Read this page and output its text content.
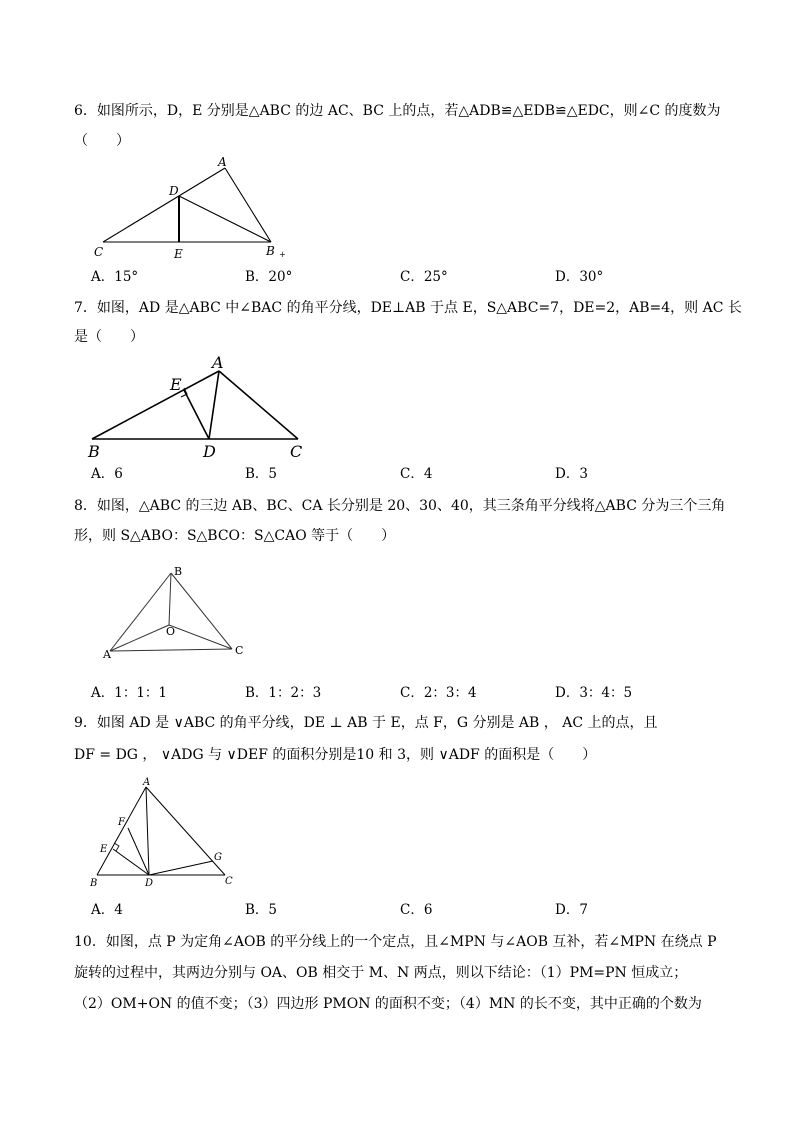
6．如图所示，D，E 分别是△ABC 的边 AC、BC 上的点，若△ADB≌△EDB≌△EDC，则∠C 的度数为
（　　）
A
D
C	E	B +
A．15°	B．20°	C．25°	D．30°
7．如图，AD 是△ABC 中∠BAC 的角平分线，DE⊥AB 于点 E，S△ABC=7，DE=2，AB=4，则 AC 长
是（　　）
A
E
B	D	C
A．6	B．5	C．4	D．3
8．如图，△ABC 的三边 AB、BC、CA 长分别是 20、30、40，其三条角平分线将△ABC 分为三个三角
形，则 S△ABO：S△BCO：S△CAO 等于（　　）
B
O
A	C
A．1：1：1	B．1：2：3	C．2：3：4	D．3：4：5
9．如图 AD 是 ∨ABC 的角平分线，DE ⊥ AB 于 E，点 F，G 分别是 AB ， AC 上的点，且
DF = DG ， ∨ADG 与 ∨DEF 的面积分别是10 和 3，则 ∨ADF 的面积是（　　）
A
F
E
G
B	D	C
A．4	B．5	C．6	D．7
10．如图，点 P 为定角∠AOB 的平分线上的一个定点，且∠MPN 与∠AOB 互补，若∠MPN 在绕点 P
旋转的过程中，其两边分别与 OA、OB 相交于 M、N 两点，则以下结论：（1）PM=PN 恒成立；
（2）OM+ON 的值不变；（3）四边形 PMON 的面积不变；（4）MN 的长不变，其中正确的个数为
